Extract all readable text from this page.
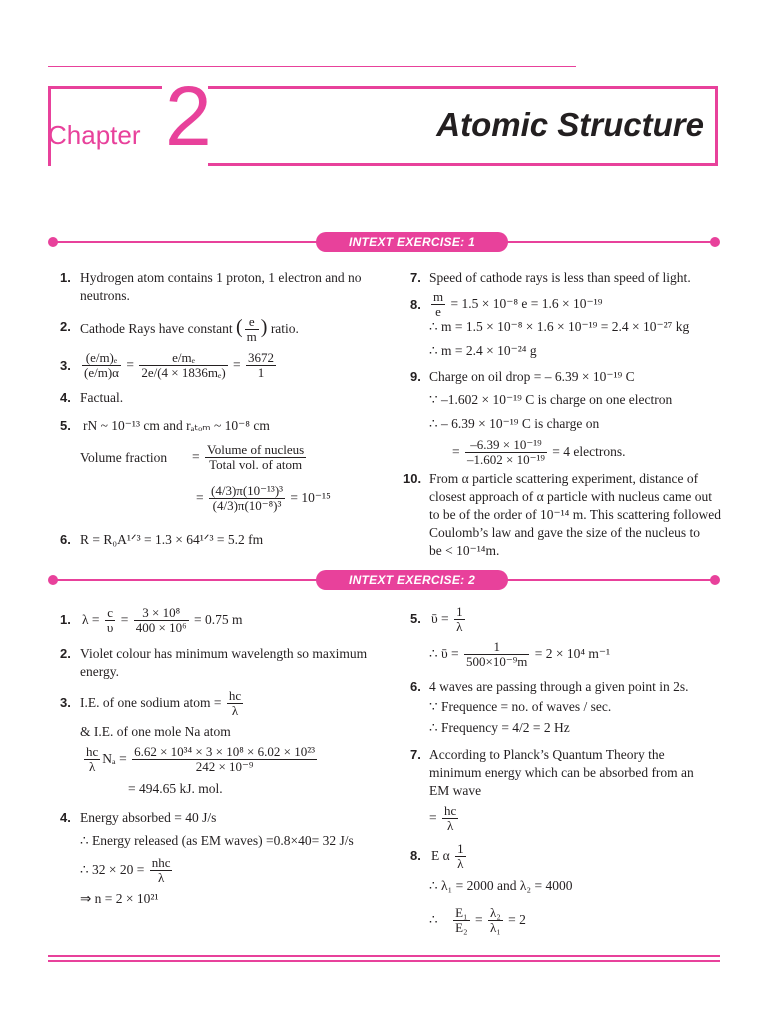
Chapter 2	Atomic Structure
INTEXT EXERCISE: 1
1. Hydrogen atom contains 1 proton, 1 electron and no
neutrons.
2. Cathode Rays have constant ( $\frac{e}{m}$ ) ratio.
3. $\frac{\text{(e/m)ₑ}}{(e/m)\alpha} = \frac{\text{e/mₑ}}{\text{2e/(4 × 1836mₑ)}} = \frac{3672}{1}$
4. Factual.
5. rN ~ 10⁻¹³ cm and rₐₜₒₘ ~ 10⁻⁸ cm
Volume fraction = $\frac{\text{Volume of nucleus}}{\text{Total vol. of atom}}$
= $\frac{\text{(4/3)π(10⁻¹³)³}}{\text{(4/3)π(10⁻⁸)³}} = 10^{-15}$
6. R = R₀A¹ᐟ³ = 1.3 × 64¹ᐟ³ = 5.2 fm
7. Speed of cathode rays is less than speed of light.
8. $\frac{m}{e} = 1.5 \times 10^{-8}$ e = 1.6 × 10⁻¹⁹
∴ m = 1.5 × 10⁻⁸ × 1.6 × 10⁻¹⁹ = 2.4 × 10⁻²⁷ kg
∴ m = 2.4 × 10⁻²⁴ g
9. Charge on oil drop = – 6.39 × 10⁻¹⁹ C
∵ –1.602 × 10⁻¹⁹ C is charge on one electron
∴ – 6.39 × 10⁻¹⁹ C is charge on
= $\frac{\text{–6.39 × 10⁻¹⁹}}{\text{–1.602 × 10⁻¹⁹}} = 4$ electrons.
10. From α particle scattering experiment, distance of
closest approach of α particle with nucleus came out
to be of the order of 10⁻¹⁴ m. This scattering followed
Coulomb’s law and gave the size of the nucleus to
be < 10⁻¹⁴m.
INTEXT EXERCISE: 2
1. $\lambda = \frac{c}{\upsilon} = \frac{\text{3 × 10⁸}}{\text{400 × 10⁶}} = 0.75$ m
2. Violet colour has minimum wavelength so maximum
energy.
3. I.E. of one sodium atom = $\frac{hc}{\lambda}$
& I.E. of one mole Na atom
$\frac{hc}{\lambda}$ $N_a = \frac{\text{6.62 × 10³⁴ × 3 × 10⁸ × 6.02 × 10²³}}{\text{242 × 10⁻⁹}}$
= 494.65 kJ. mol.
4. Energy absorbed = 40 J/s
∴ Energy released (as EM waves) =0.8×40= 32 J/s
∴ $32 \times 20 = \frac{\text{nhc}}{\lambda}$
⇒ n = 2 × 10²¹
5. ῡ = $\frac{1}{\lambda}$
∴ ῡ = $\frac{1}{\text{500×10⁻⁹m}} = 2 \times 10^4$ m⁻¹
6. 4 waves are passing through a given point in 2s.
∵ Frequence = no. of waves / sec.
∴ Frequency = 4/2 = 2 Hz
7. According to Planck’s Quantum Theory the
minimum energy which can be absorbed from an
EM wave
= $\frac{hc}{\lambda}$
8. E α $\frac{1}{\lambda}$
∴ λ₁ = 2000 and λ₂ = 4000
∴ $\frac{\text{E₁}}{\text{E₂}} = \frac{\text{λ₂}}{\text{λ₁}} = 2$
